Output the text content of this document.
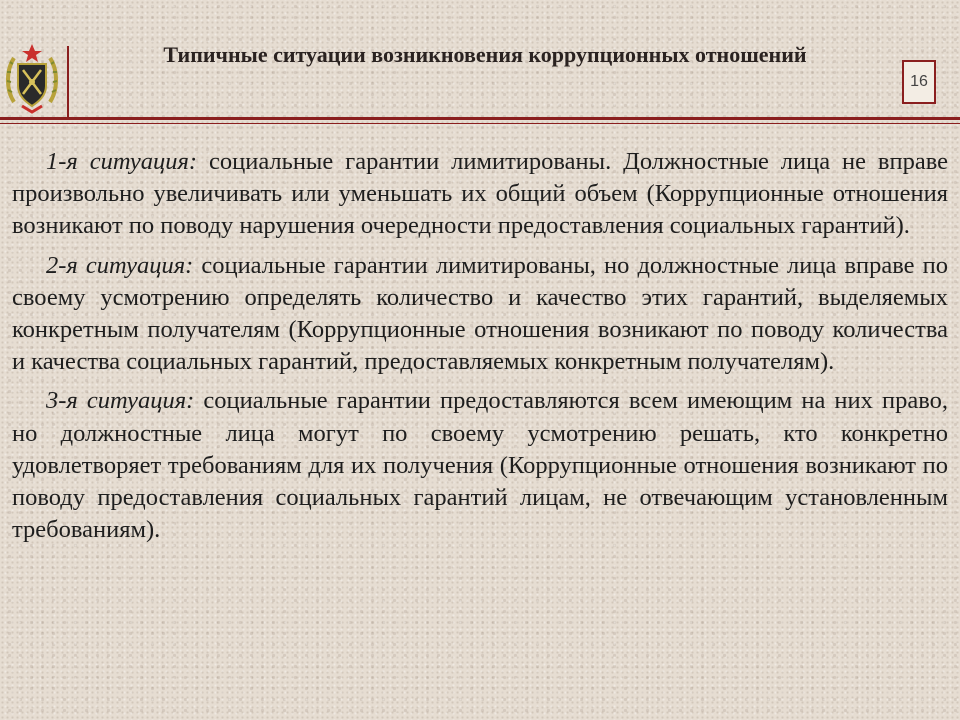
Типичные ситуации возникновения коррупционных отношений
16

1-я ситуация: социальные гарантии лимитированы. Должностные лица не вправе произвольно увеличивать или уменьшать их общий объем (Коррупционные отношения возникают по поводу нарушения очередности предоставления социальных гарантий).

2-я ситуация: социальные гарантии лимитированы, но должностные лица вправе по своему усмотрению определять количество и качество этих гарантий, выделяемых конкретным получателям (Коррупционные отношения возникают по поводу количества и качества социальных гарантий, предоставляемых конкретным получателям).

3-я ситуация: социальные гарантии предоставляются всем имеющим на них право, но должностные лица могут по своему усмотрению решать, кто конкретно удовлетворяет требованиям для их получения (Коррупционные отношения возникают по поводу предоставления социальных гарантий лицам, не отвечающим установленным требованиям).
